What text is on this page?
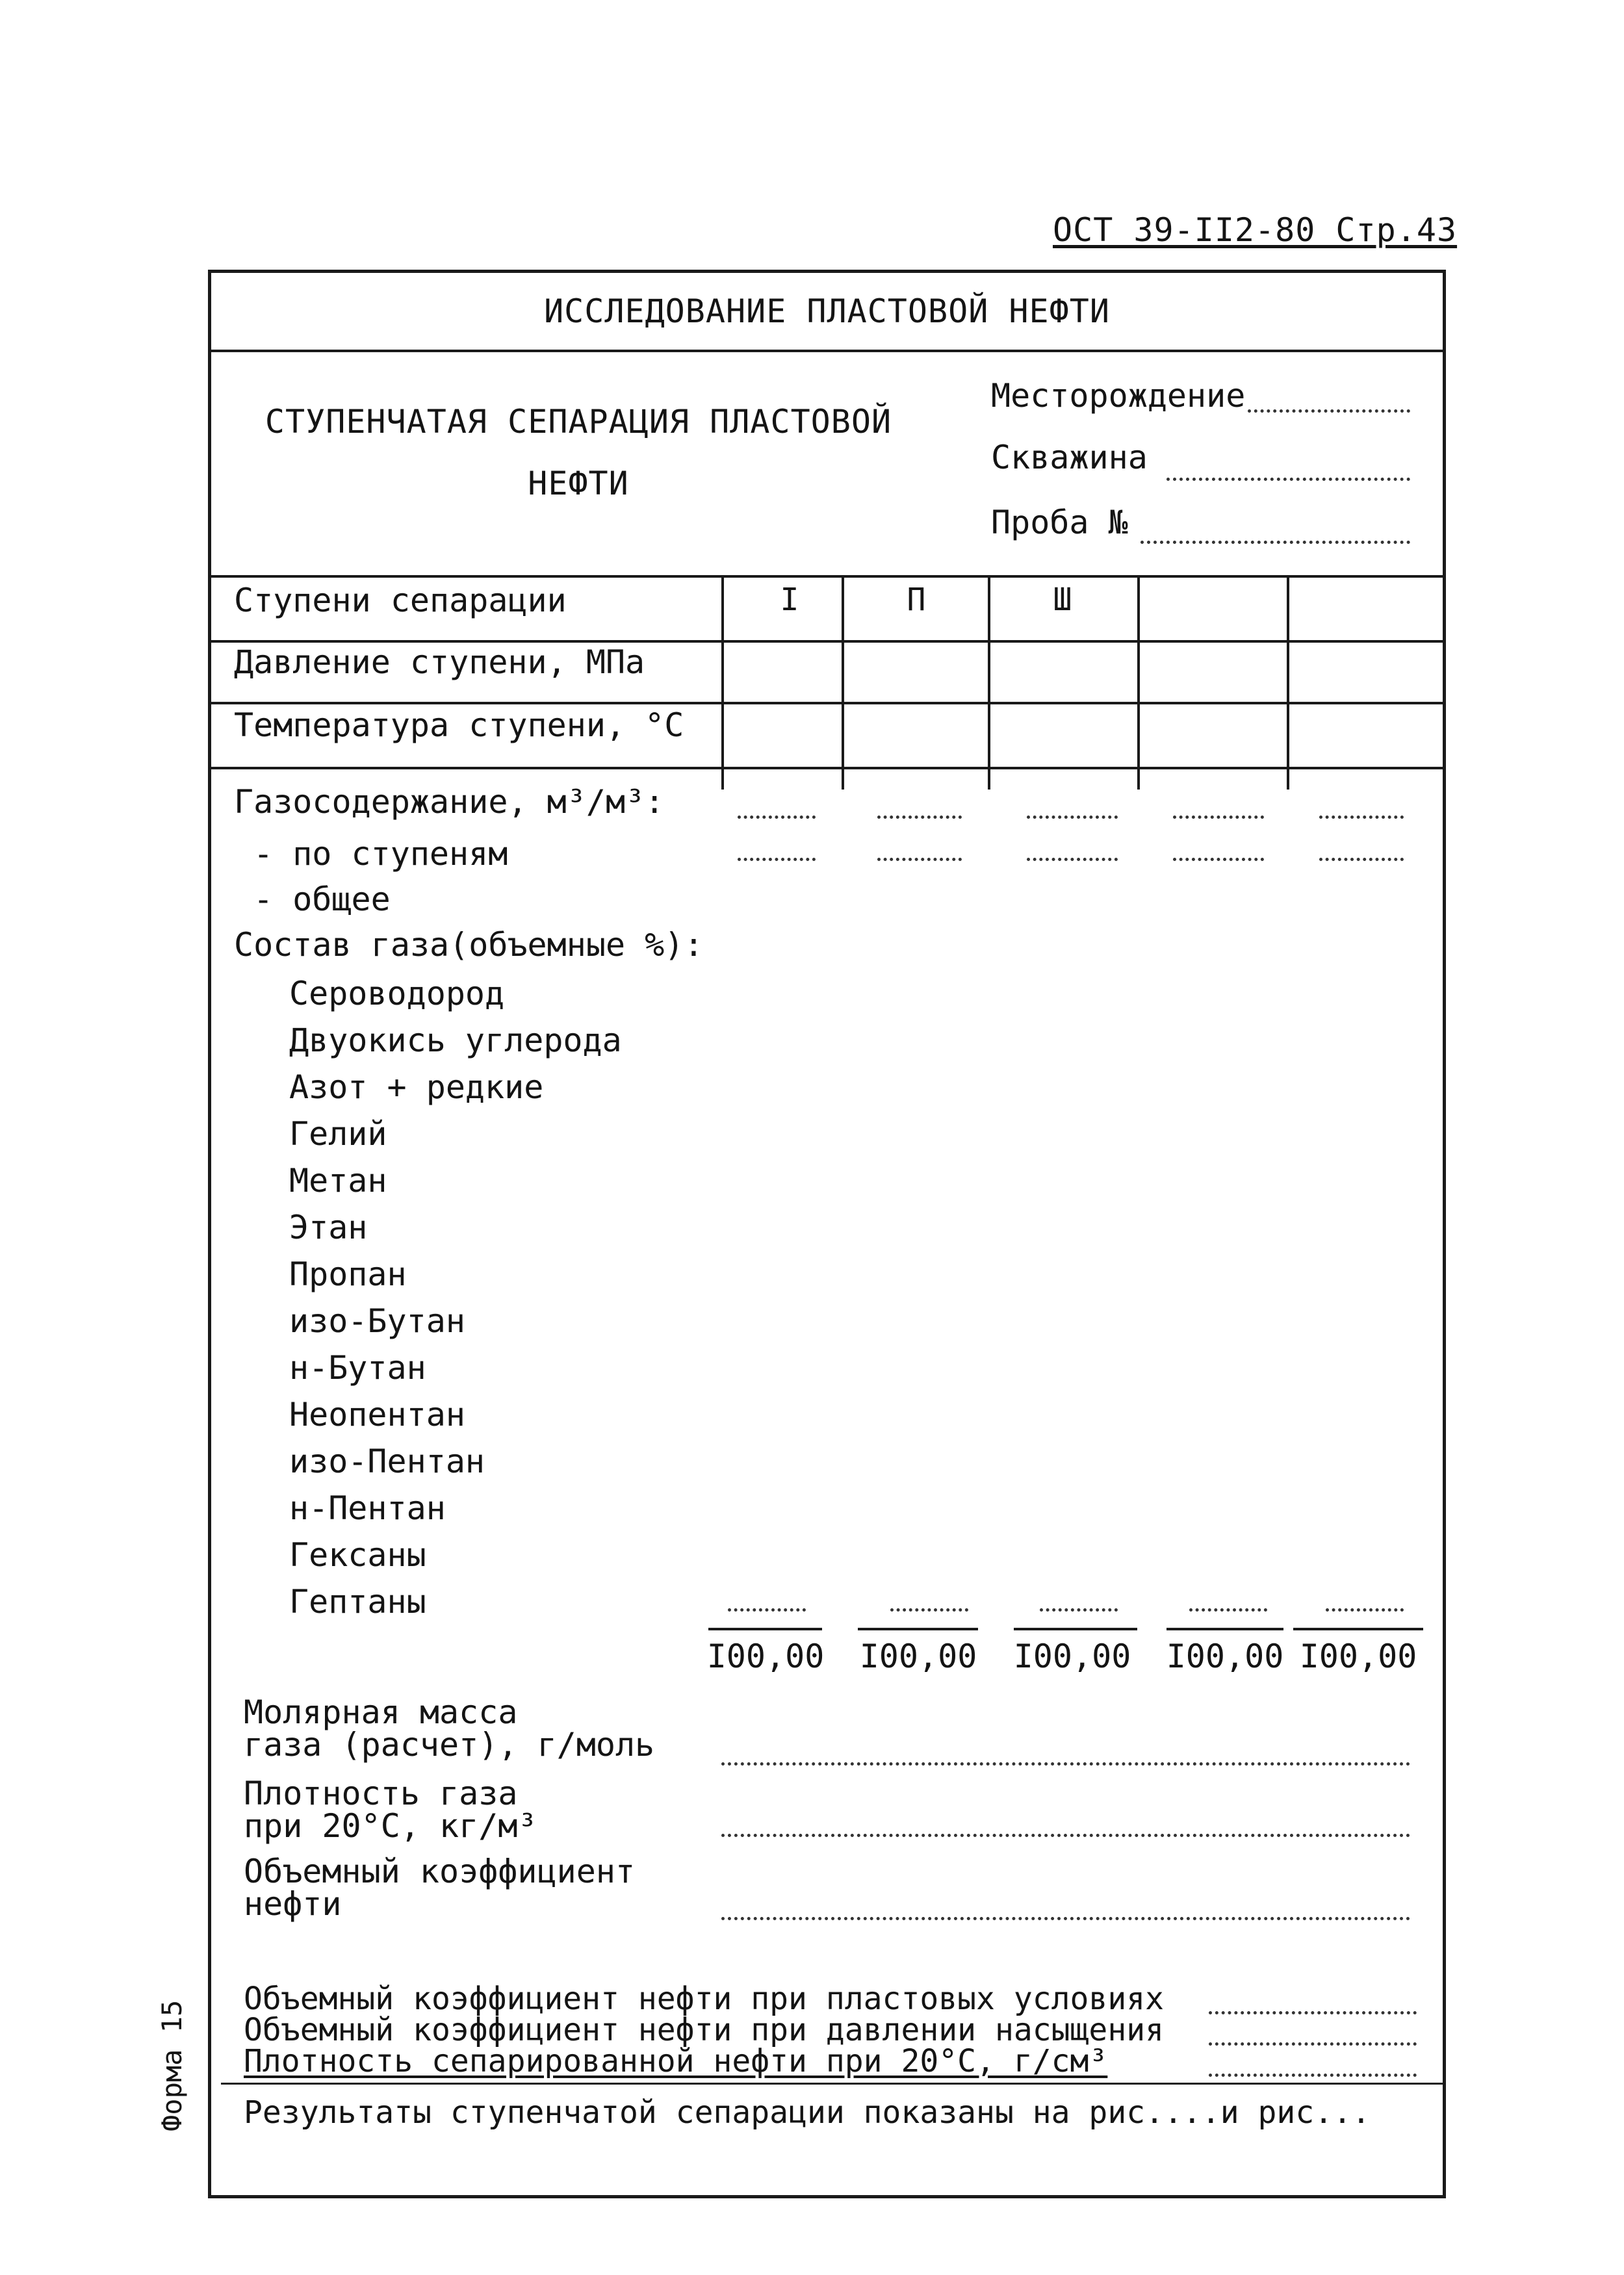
ОСТ 39-II2-80 Стр.43
ИССЛЕДОВАНИЕ ПЛАСТОВОЙ НЕФТИ
СТУПЕНЧАТАЯ СЕПАРАЦИЯ ПЛАСТОВОЙ
НЕФТИ
Месторождение
Скважина
Проба №
Ступени сепарации
Давление ступени, МПа
Температура ступени, °С
I	П	Ш
Газосодержание, м³/м³:
- по ступеням
- общее
Состав газа(объемные %):
Сероводород
Двуокись углерода
Азот + редкие
Гелий
Метан
Этан
Пропан
изо-Бутан
н-Бутан
Неопентан
изо-Пентан
н-Пентан
Гексаны
Гептаны
I00,00 I00,00 I00,00 I00,00 I00,00
Молярная масса
газа (расчет), г/моль
Плотность газа
при 20°С, кг/м³
Объемный коэффициент
нефти
Объемный коэффициент нефти при пластовых условиях
Объемный коэффициент нефти при давлении насыщения
Плотность сепарированной нефти при 20°С, г/см³
Результаты ступенчатой сепарации показаны на рис....и рис...
Форма 15
